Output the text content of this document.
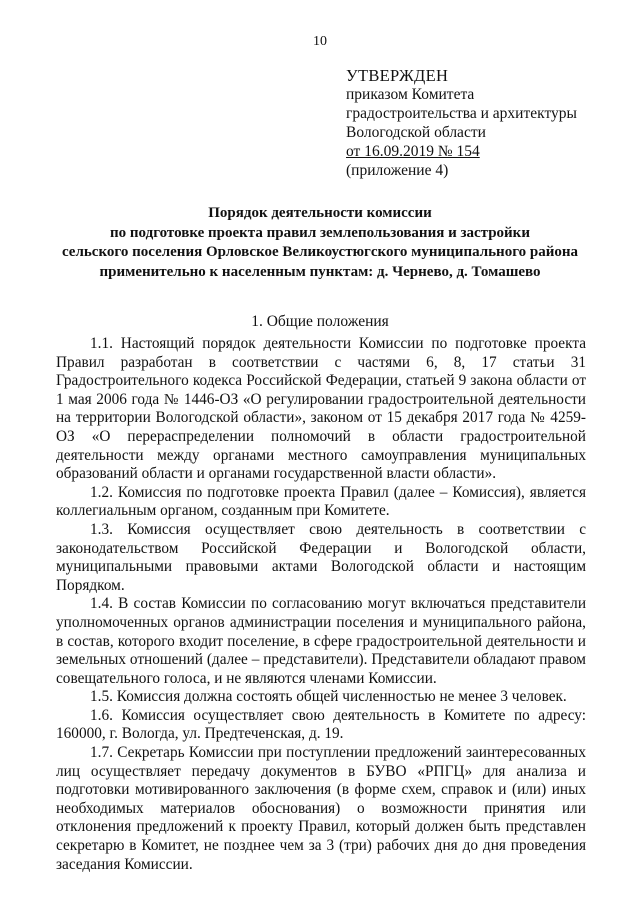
10
УТВЕРЖДЕН
приказом Комитета
градостроительства и архитектуры
Вологодской области
от 16.09.2019 № 154
(приложение 4)
Порядок деятельности комиссии
по подготовке проекта правил землепользования и застройки
сельского поселения Орловское Великоустюгского муниципального района
применительно к населенным пунктам: д. Чернево, д. Томашево
1. Общие положения

1.1. Настоящий порядок деятельности Комиссии по подготовке проекта Правил разработан в соответствии с частями 6, 8, 17 статьи 31 Градостроительного кодекса Российской Федерации, статьей 9 закона области от 1 мая 2006 года № 1446-ОЗ «О регулировании градостроительной деятельности на территории Вологодской области», законом от 15 декабря 2017 года № 4259-ОЗ «О перераспределении полномочий в области градостроительной деятельности между органами местного самоуправления муниципальных образований области и органами государственной власти области».

1.2. Комиссия по подготовке проекта Правил (далее – Комиссия), является коллегиальным органом, созданным при Комитете.

1.3. Комиссия осуществляет свою деятельность в соответствии с законодательством Российской Федерации и Вологодской области, муниципальными правовыми актами Вологодской области и настоящим Порядком.

1.4. В состав Комиссии по согласованию могут включаться представители уполномоченных органов администрации поселения и муниципального района, в состав, которого входит поселение, в сфере градостроительной деятельности и земельных отношений (далее – представители). Представители обладают правом совещательного голоса, и не являются членами Комиссии.

1.5. Комиссия должна состоять общей численностью не менее 3 человек.

1.6. Комиссия осуществляет свою деятельность в Комитете по адресу: 160000, г. Вологда, ул. Предтеченская, д. 19.

1.7. Секретарь Комиссии при поступлении предложений заинтересованных лиц осуществляет передачу документов в БУВО «РПГЦ» для анализа и подготовки мотивированного заключения (в форме схем, справок и (или) иных необходимых материалов обоснования) о возможности принятия или отклонения предложений к проекту Правил, который должен быть представлен секретарю в Комитет, не позднее чем за 3 (три) рабочих дня до дня проведения заседания Комиссии.
